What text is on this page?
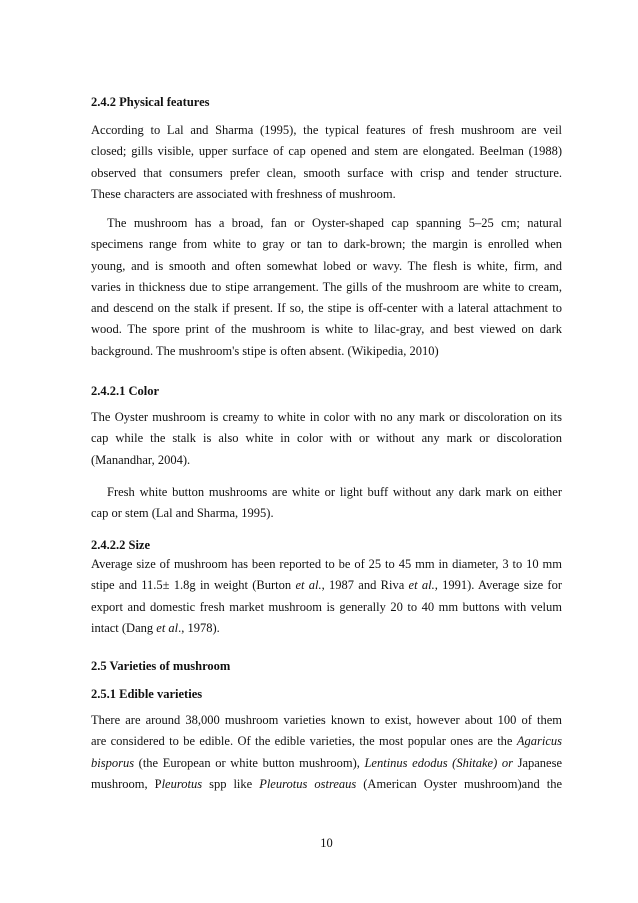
2.4.2 Physical features
According to Lal and Sharma (1995), the typical features of fresh mushroom are veil
closed; gills visible, upper surface of cap opened and stem are elongated. Beelman (1988)
observed that consumers prefer clean, smooth surface with crisp and tender structure.
These characters are associated with freshness of mushroom.
The mushroom has a broad, fan or Oyster-shaped cap spanning 5–25 cm; natural
specimens range from white to gray or tan to dark-brown; the margin is enrolled when
young, and is smooth and often somewhat lobed or wavy. The flesh is white, firm, and
varies in thickness due to stipe arrangement. The gills of the mushroom are white to cream,
and descend on the stalk if present. If so, the stipe is off-center with a lateral attachment to
wood. The spore print of the mushroom is white to lilac-gray, and best viewed on dark
background. The mushroom's stipe is often absent. (Wikipedia, 2010)
2.4.2.1 Color
The Oyster mushroom is creamy to white in color with no any mark or discoloration on its
cap while the stalk is also white in color with or without any mark or discoloration
(Manandhar, 2004).
Fresh white button mushrooms are white or light buff without any dark mark on either
cap or stem (Lal and Sharma, 1995).
2.4.2.2 Size
Average size of mushroom has been reported to be of 25 to 45 mm in diameter, 3 to 10 mm
stipe and 11.5± 1.8g in weight (Burton et al., 1987 and Riva et al., 1991). Average size for
export and domestic fresh market mushroom is generally 20 to 40 mm buttons with velum
intact (Dang et al., 1978).
2.5 Varieties of mushroom
2.5.1 Edible varieties
There are around 38,000 mushroom varieties known to exist, however about 100 of them
are considered to be edible. Of the edible varieties, the most popular ones are the Agaricus
bisporus (the European or white button mushroom), Lentinus edodus (Shitake) or Japanese
mushroom, Pleurotus spp like Pleurotus ostreaus (American Oyster mushroom)and the
10
